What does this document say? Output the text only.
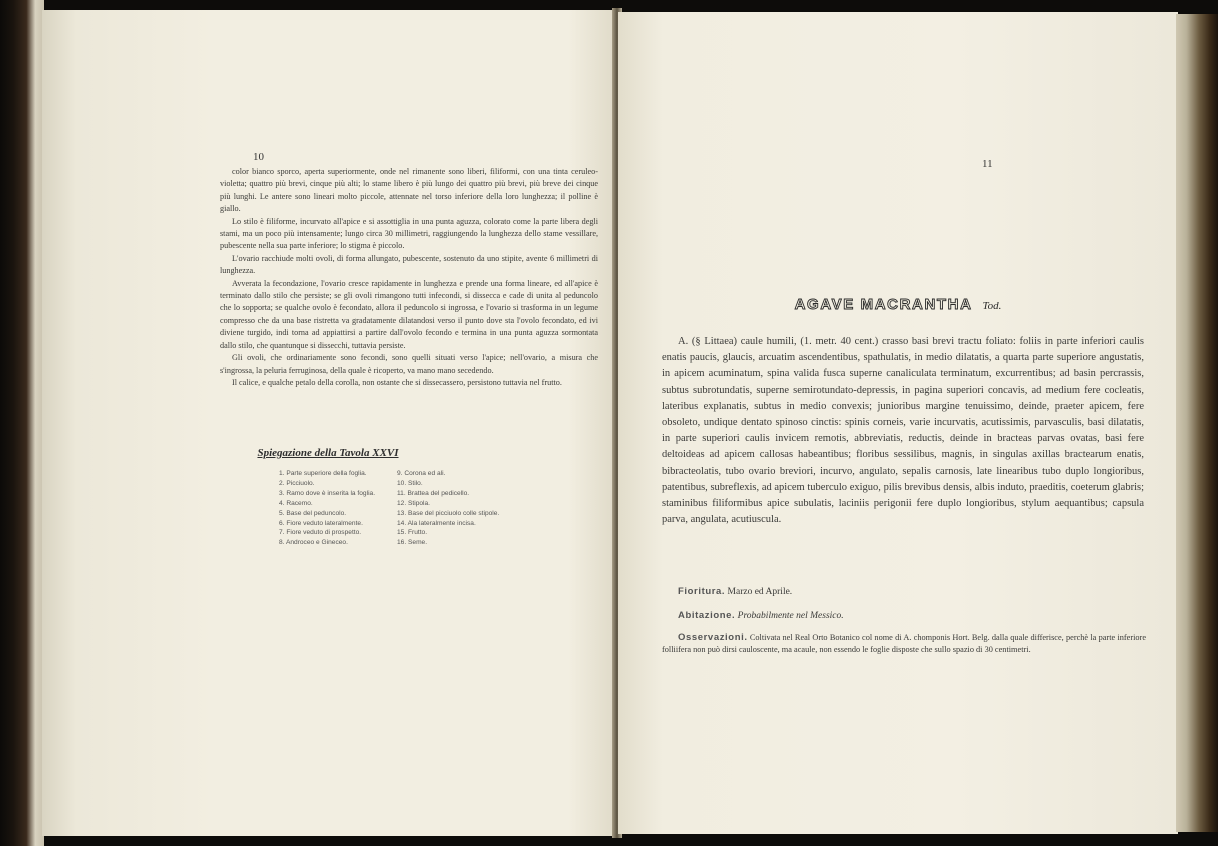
10

color bianco sporco, aperta superiormente, onde nel rimanente sono liberi, filiformi, con una tinta ceruleo-violetta; quattro più brevi, cinque più alti; lo stame libero è più lungo dei quattro più brevi, più breve dei cinque più lunghi. Le antere sono lineari molto piccole, attennate nel torso inferiore della loro lunghezza; il polline è giallo.

Lo stilo è filiforme, incurvato all'apice e si assottiglia in una punta aguzza, colorato come la parte libera degli stami, ma un poco più intensamente; lungo circa 30 millimetri, raggiungendo la lunghezza dello stame vessillare, pubescente nella sua parte inferiore; lo stigma è piccolo.

L'ovario racchiude molti ovoli, di forma allungato, pubescente, sostenuto da uno stipite, avente 6 millimetri di lunghezza.

Avverata la fecondazione, l'ovario cresce rapidamente in lunghezza e prende una forma lineare, ed all'apice è terminato dallo stilo che persiste; se gli ovoli rimangono tutti infecondi, si dissecca e cade di unita al peduncolo che lo sopporta; se qualche ovolo è fecondato, allora il peduncolo si ingrossa, e l'ovario si trasforma in un legume compresso che da una base ristretta va gradatamente dilatandosi verso il punto dove sta l'ovolo fecondato, ed ivi diviene turgido, indi torna ad appiattirsi a partire dall'ovolo fecondo e termina in una punta aguzza sormontata dallo stilo, che quantunque si dissecchi, tuttavia persiste.

Gli ovoli, che ordinariamente sono fecondi, sono quelli situati verso l'apice; nell'ovario, a misura che s'ingrossa, la peluria ferruginosa, della quale è ricoperto, va mano mano secedendo.

Il calice, e qualche petalo della corolla, non ostante che si dissecassero, persistono tuttavia nel frutto.

Spiegazione della Tavola XXVI
1. Parte superiore della foglia.
2. Picciuolo.
3. Ramo dove è inserita la foglia.
4. Racemo.
5. Base del peduncolo.
6. Fiore veduto lateralmente.
7. Fiore veduto di prospetto.
8. Androceo e Gineceo.
9. Corona ed ali.
10. Stilo.
11. Brattea del pedicello.
12. Stipola.
13. Base del picciuolo colle stipole.
14. Ala lateralmente incisa.
15. Frutto.
16. Seme.
11
AGAVE MACRANTHA Tod.

A. (§ Littaea) caule humili, (1. metr. 40 cent.) crasso basi brevi tractu foliato: foliis in parte inferiori caulis enatis paucis, glaucis, arcuatim ascendentibus, spathulatis, in medio dilatatis, a quarta parte superiore angustatis, in apicem acuminatum, spina valida fusca superne canaliculata terminatum, excurrentibus; ad basin percrassis, subtus subrotundatis, superne semirotundato-depressis, in pagina superiori concavis, ad medium fere cocleatis, lateribus explanatis, subtus in medio convexis; junioribus margine tenuissimo, deinde, praeter apicem, fere obsoleto, undique dentato spinoso cinctis: spinis corneis, varie incurvatis, acutissimis, parvasculis, basi dilatatis, in parte superiori caulis invicem remotis, abbreviatis, reductis, deinde in bracteas parvas ovatas, basi fere deltoideas ad apicem callosas habeantibus; floribus sessilibus, magnis, in singulas axillas bractearum enatis, bibracteolatis, tubo ovario breviori, incurvo, angulato, sepalis carnosis, late linearibus tubo duplo longioribus, patentibus, subreflexis, ad apicem tuberculo exiguo, pilis brevibus densis, albis induto, praeditis, coeterum glabris; staminibus filiformibus apice subulatis, laciniis perigonii fere duplo longioribus, stylum aequantibus; capsula parva, angulata, acutiuscula.

Fioritura. Marzo ed Aprile.
Abitazione. Probabilmente nel Messico.

Osservazioni. Coltivata nel Real Orto Botanico col nome di A. chomponis Hort. Belg. dalla quale differisce, perchè la parte inferiore folliifera non può dirsi cauloscente, ma acaule, non essendo le foglie disposte che sullo spazio di 30 centimetri.
